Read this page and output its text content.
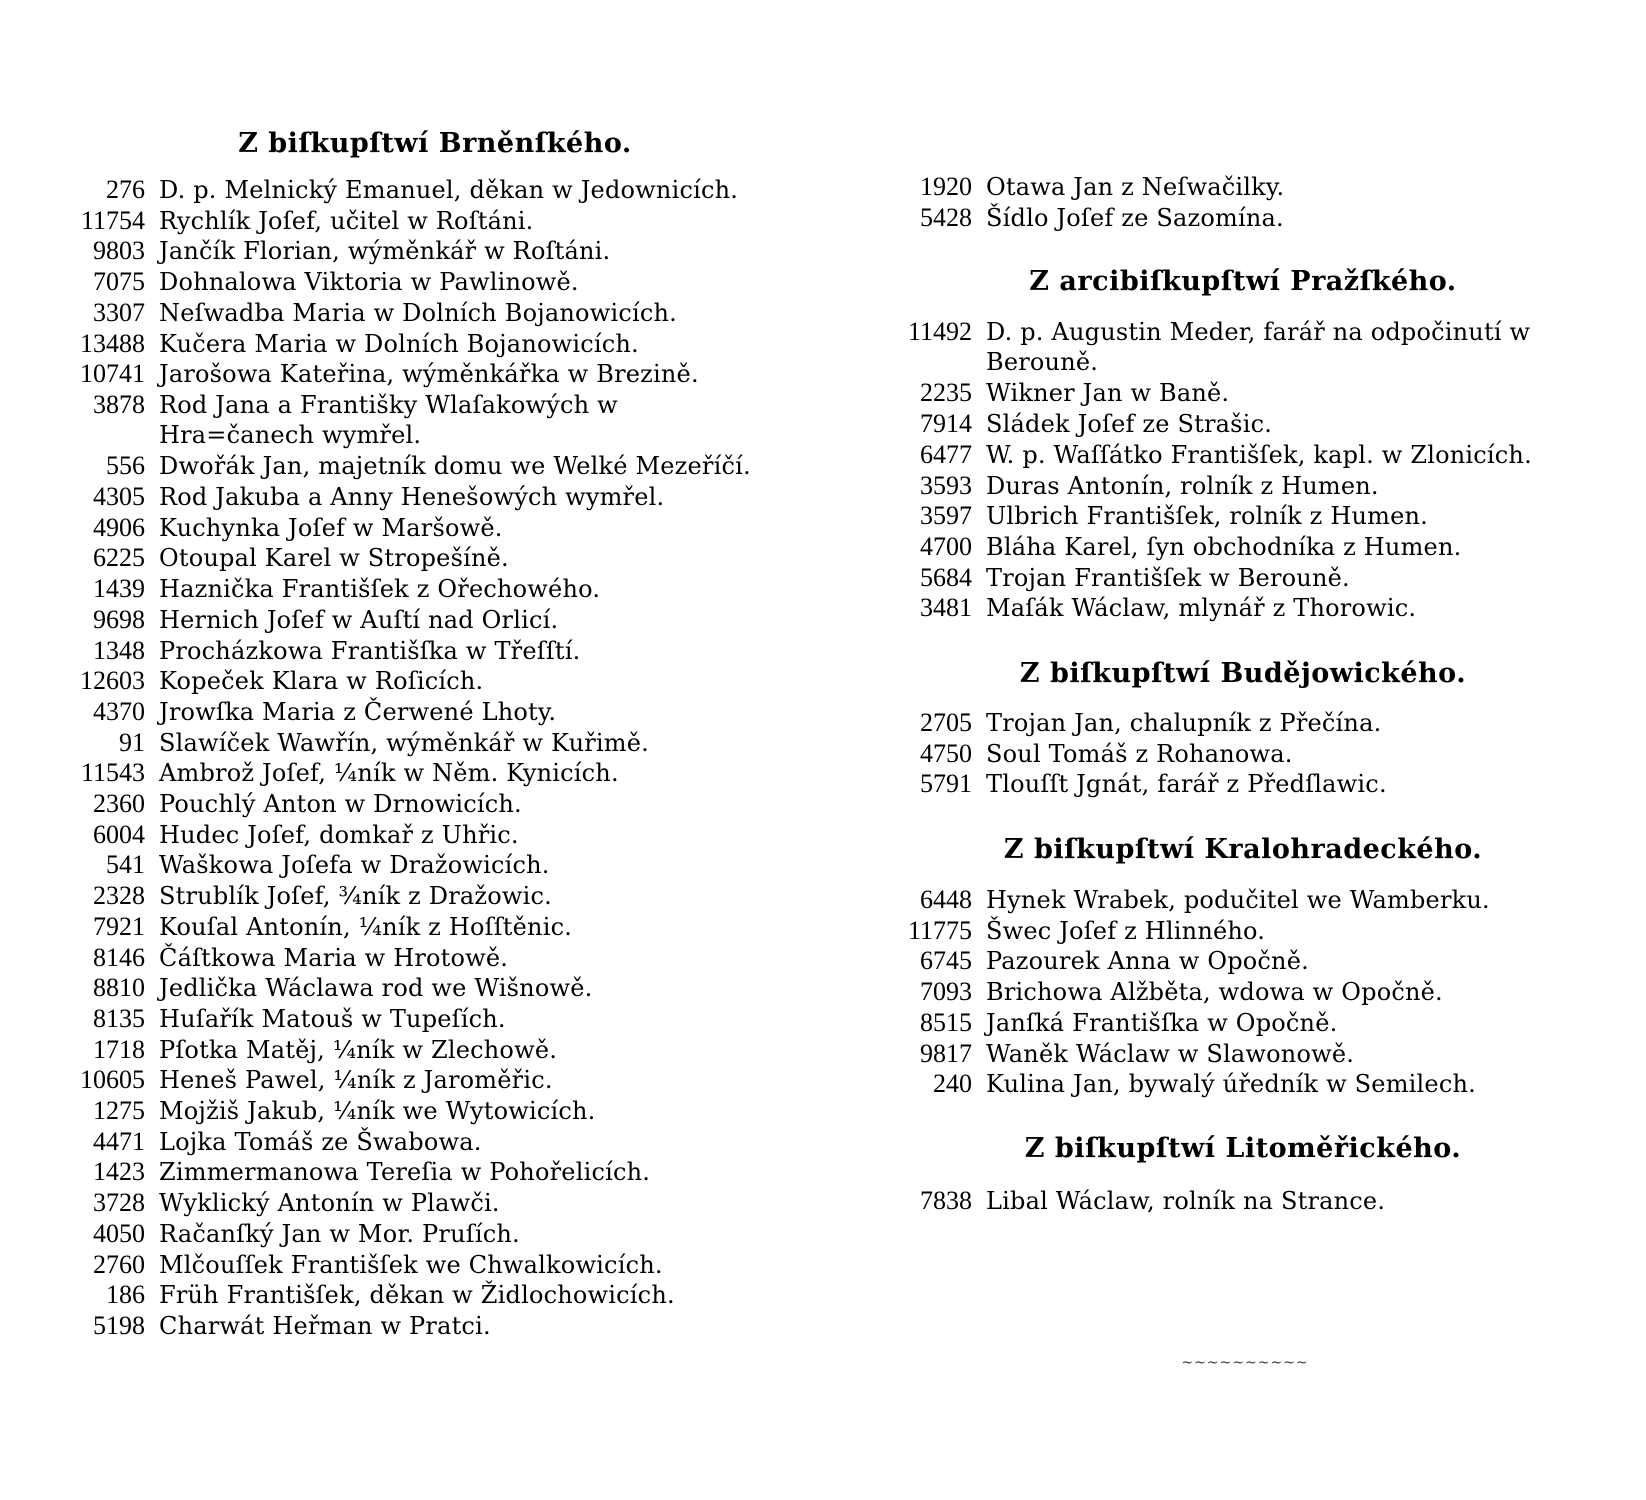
Z biſkupſtwí Brněnſkého.
276 D. p. Melnický Emanuel, děkan w Jedownicích.
11754 Rychlík Joſef, učitel w Roſtáni.
9803 Jančík Florian, wýměnkář w Roſtáni.
7075 Dohnalowa Viktoria w Pawlinowě.
3307 Neſwadba Maria w Dolních Bojanowicích.
13488 Kučera Maria w Dolních Bojanowicích.
10741 Jarošowa Kateřina, wýměnkářka w Brezině.
3878 Rod Jana a Františky Wlaſakowých w Hra=čanech wymřel.
556 Dwořák Jan, majetník domu we Welké Mezeříčí.
4305 Rod Jakuba a Anny Henešowých wymřel.
4906 Kuchynka Joſef w Maršowě.
6225 Otoupal Karel w Stropešíně.
1439 Haznička Františſek z Ořechowého.
9698 Hernich Joſef w Auſtí nad Orlicí.
1348 Procházkowa Františſka w Třeſſtí.
12603 Kopeček Klara w Roſicích.
4370 Jrowſka Maria z Čerwené Lhoty.
91 Slawíček Wawřín, wýměnkář w Kuřimě.
11543 Ambrož Joſef, ¼ník w Něm. Kynicích.
2360 Pouchlý Anton w Drnowicích.
6004 Hudec Joſef, domkař z Uhřic.
541 Waškowa Joſefa w Dražowicích.
2328 Strublík Joſef, ¾ník z Dražowic.
7921 Kouſal Antonín, ¼ník z Hoſſtěnic.
8146 Čáſtkowa Maria w Hrotowě.
8810 Jedlička Wáclawa rod we Wišnowě.
8135 Huſařík Matouš w Tupeſích.
1718 Pſotka Matěj, ¼ník w Zlechowě.
10605 Heneš Pawel, ¼ník z Jaroměřic.
1275 Mojžiš Jakub, ¼ník we Wytowicích.
4471 Lojka Tomáš ze Šwabowa.
1423 Zimmermanowa Tereſia w Pohořelicích.
3728 Wyklický Antonín w Plawči.
4050 Račanſký Jan w Mor. Pruſích.
2760 Mlčouſſek Františſek we Chwalkowicích.
186 Früh Františſek, děkan w Židlochowicích.
5198 Charwát Heřman w Pratci.
1920 Otawa Jan z Neſwačilky.
5428 Šídlo Joſef ze Sazomína.
Z arcibiſkupſtwí Pražſkého.
11492 D. p. Augustin Meder, farář na odpočinutí w Berouně.
2235 Wikner Jan w Baně.
7914 Sládek Joſef ze Strašic.
6477 W. p. Waſſátko Františſek, kapl. w Zlonicích.
3593 Duras Antonín, rolník z Humen.
3597 Ulbrich Františſek, rolník z Humen.
4700 Bláha Karel, ſyn obchodníka z Humen.
5684 Trojan Františſek w Berouně.
3481 Maſák Wáclaw, mlynář z Thorowic.
Z biſkupſtwí Budějowického.
2705 Trojan Jan, chalupník z Přečína.
4750 Soul Tomáš z Rohanowa.
5791 Tlouſſt Jgnát, farář z Předſlawic.
Z biſkupſtwí Kralohradeckého.
6448 Hynek Wrabek, podučitel we Wamberku.
11775 Šwec Joſef z Hlinného.
6745 Pazourek Anna w Opočně.
7093 Brichowa Alžběta, wdowa w Opočně.
8515 Janſká Františſka w Opočně.
9817 Waněk Wáclaw w Slawonowě.
240 Kulina Jan, bywalý úředník w Semilech.
Z biſkupſtwí Litoměřického.
7838 Libal Wáclaw, rolník na Strance.
~~~~~~~~~~
